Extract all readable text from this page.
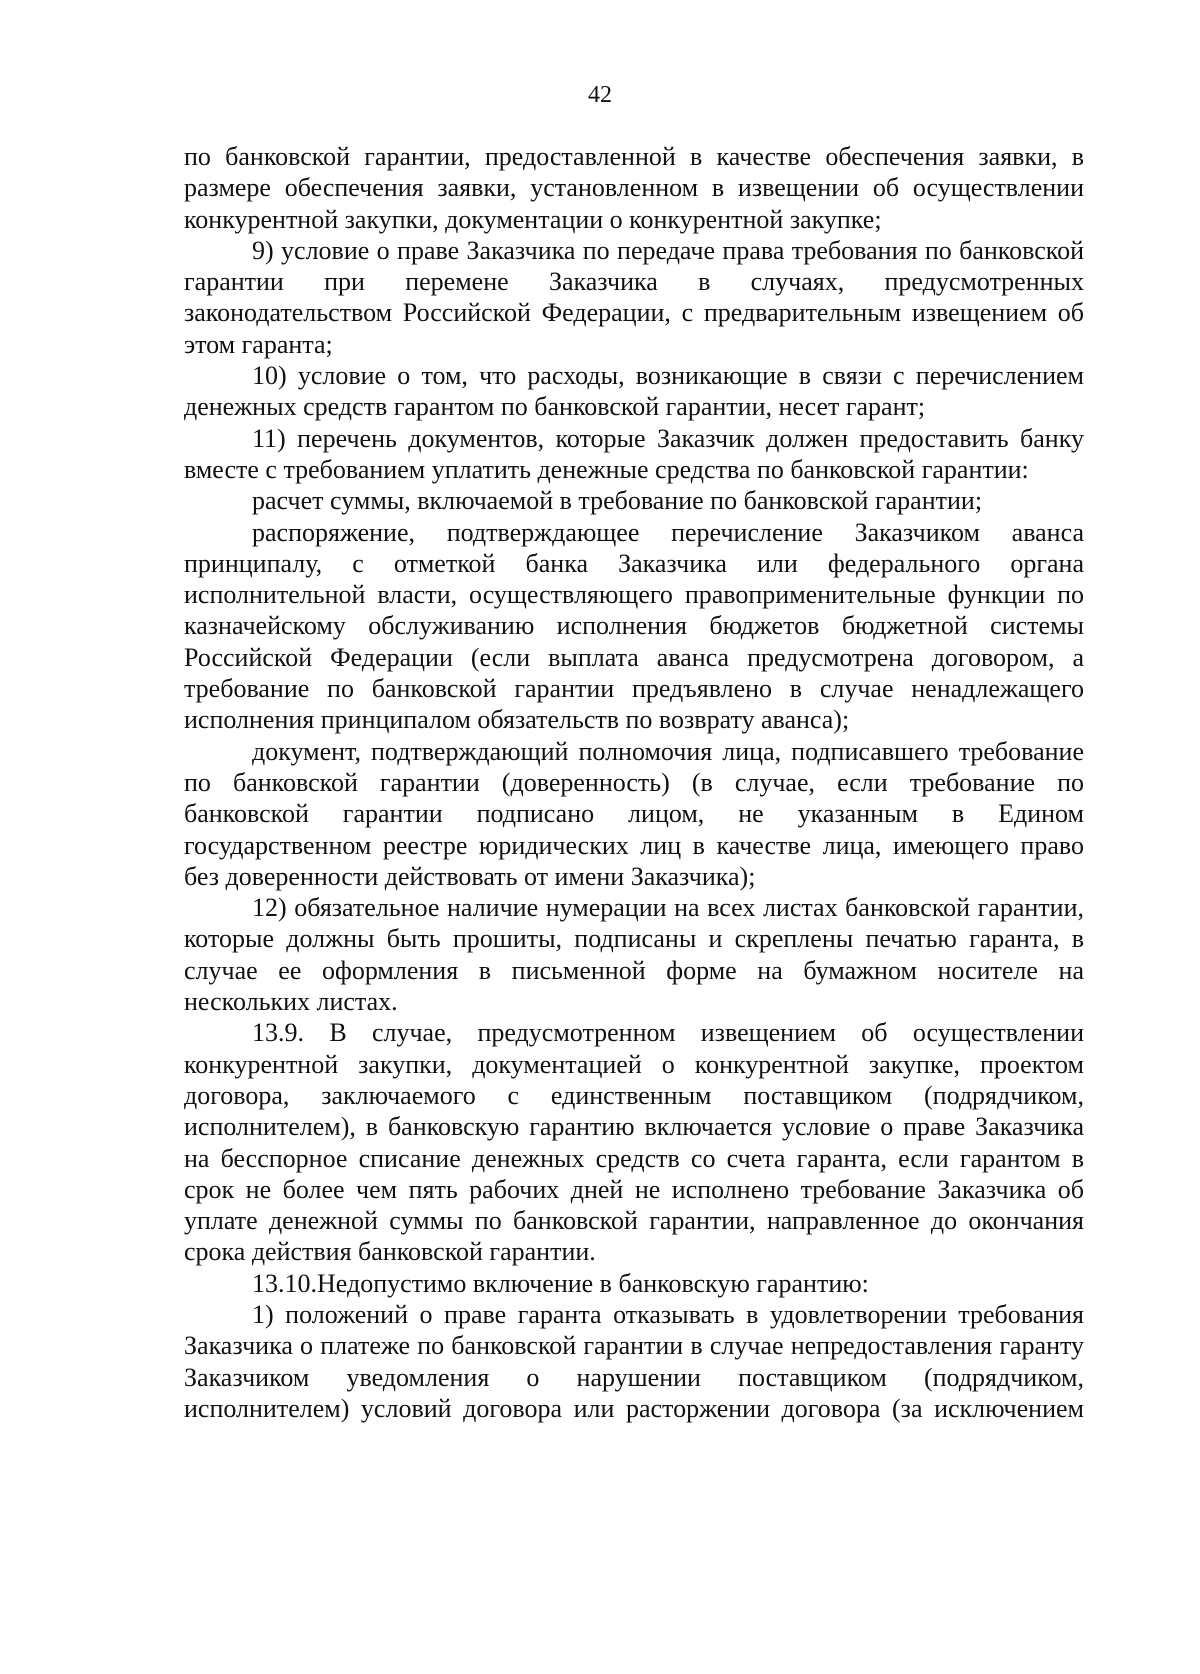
42

по банковской гарантии, предоставленной в качестве обеспечения заявки, в размере обеспечения заявки, установленном в извещении об осуществлении конкурентной закупки, документации о конкурентной закупке;

9) условие о праве Заказчика по передаче права требования по банковской гарантии при перемене Заказчика в случаях, предусмотренных законодательством Российской Федерации, с предварительным извещением об этом гаранта;

10) условие о том, что расходы, возникающие в связи с перечислением денежных средств гарантом по банковской гарантии, несет гарант;

11) перечень документов, которые Заказчик должен предоставить банку вместе с требованием уплатить денежные средства по банковской гарантии:

расчет суммы, включаемой в требование по банковской гарантии;

распоряжение, подтверждающее перечисление Заказчиком аванса принципалу, с отметкой банка Заказчика или федерального органа исполнительной власти, осуществляющего правоприменительные функции по казначейскому обслуживанию исполнения бюджетов бюджетной системы Российской Федерации (если выплата аванса предусмотрена договором, а требование по банковской гарантии предъявлено в случае ненадлежащего исполнения принципалом обязательств по возврату аванса);

документ, подтверждающий полномочия лица, подписавшего требование по банковской гарантии (доверенность) (в случае, если требование по банковской гарантии подписано лицом, не указанным в Едином государственном реестре юридических лиц в качестве лица, имеющего право без доверенности действовать от имени Заказчика);

12) обязательное наличие нумерации на всех листах банковской гарантии, которые должны быть прошиты, подписаны и скреплены печатью гаранта, в случае ее оформления в письменной форме на бумажном носителе на нескольких листах.

13.9. В случае, предусмотренном извещением об осуществлении конкурентной закупки, документацией о конкурентной закупке, проектом договора, заключаемого с единственным поставщиком (подрядчиком, исполнителем), в банковскую гарантию включается условие о праве Заказчика на бесспорное списание денежных средств со счета гаранта, если гарантом в срок не более чем пять рабочих дней не исполнено требование Заказчика об уплате денежной суммы по банковской гарантии, направленное до окончания срока действия банковской гарантии.

13.10.Недопустимо включение в банковскую гарантию:

1) положений о праве гаранта отказывать в удовлетворении требования Заказчика о платеже по банковской гарантии в случае непредоставления гаранту Заказчиком уведомления о нарушении поставщиком (подрядчиком, исполнителем) условий договора или расторжении договора (за исключением
